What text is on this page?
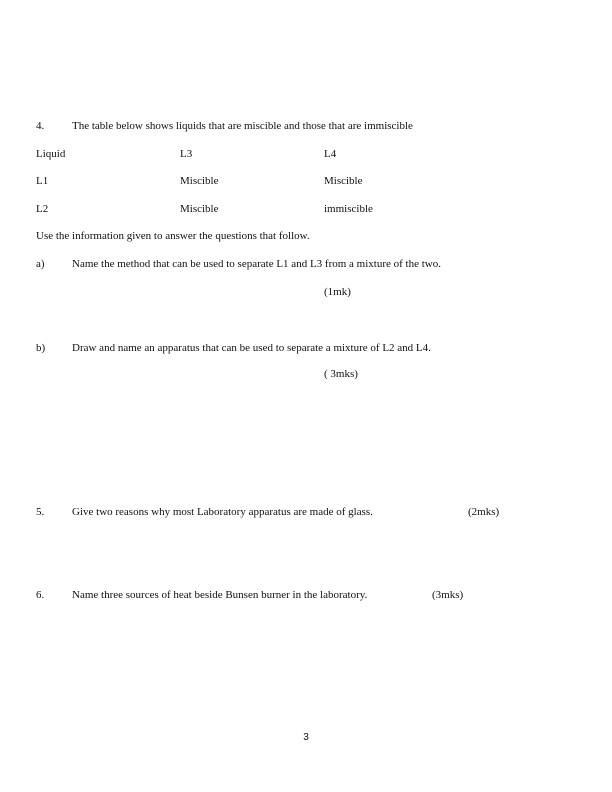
4.	The table below shows liquids that are miscible and those that are immiscible
Liquid	L3	L4
L1	Miscible	Miscible
L2	Miscible	immiscible
Use the information given to answer the questions that follow.
a) Name the method that can be used to separate L1 and L3 from a mixture of the two.
(1mk)
b) Draw and name an apparatus that can be used to separate a mixture of L2 and L4.
( 3mks)
5.	Give two reasons why most Laboratory apparatus are made of glass.	(2mks)
6.	Name three sources of heat beside Bunsen burner in the laboratory.	(3mks)
3
